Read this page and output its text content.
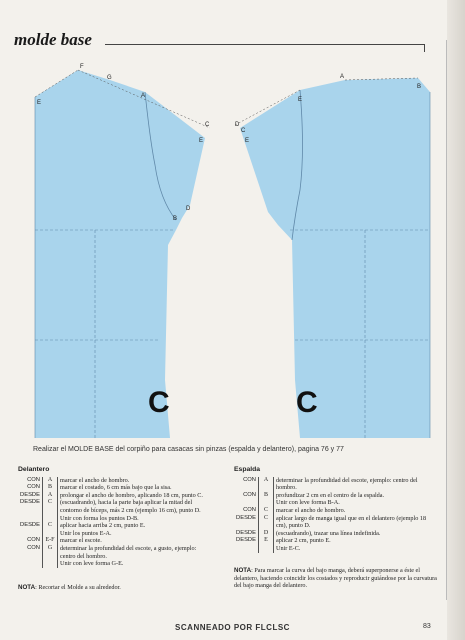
molde base
F
G
A
E
C
E
D
B
C
A
B
D
C
E
E
C
Realizar el MOLDE BASE del corpiño para casacas sin pinzas (espalda y delantero), pagina 76 y 77
Delantero
CON	A	marcar el ancho de hombro.
CON	B	marcar el costado, 6 cm más bajo que la sisa.
DESDE	A	prolongar el ancho de hombro, aplicando 18 cm, punto C.
DESDE	C	(escuadrando), hacia la parte baja aplicar la mitad del contorno de bíceps, más 2 cm (ejemplo 16 cm), punto D.
		Unir con forma los puntos D-B.
DESDE	C	aplicar hacia arriba 2 cm, punto E.
		Unir los puntos E-A.
CON	E-F	marcar el escote.
CON	G	determinar la profundidad del escote, a gusto, ejemplo: centro del hombro.
		Unir con leve forma G-E.
NOTA: Recortar el Molde a su alrededor.
Espalda
CON	A	determinar la profundidad del escote, ejemplo: centro del hombro.
CON	B	profundizar 2 cm en el centro de la espalda.
		Unir con leve forma B-A.
CON	C	marcar el ancho de hombro.
DESDE	C	aplicar largo de manga igual que en el delantero (ejemplo 18 cm), punto D.
DESDE	D	(escuadrando), trazar una línea indefinida.
DESDE	E	aplicar 2 cm, punto E.
		Unir E-C.
NOTA: Para marcar la curva del bajo manga, deberá superponerse a éste el delantero, haciendo coincidir los costados y reproducir guiándose por la curvatura del bajo manga del delantero.
SCANNEADO POR FLCLSC	83
